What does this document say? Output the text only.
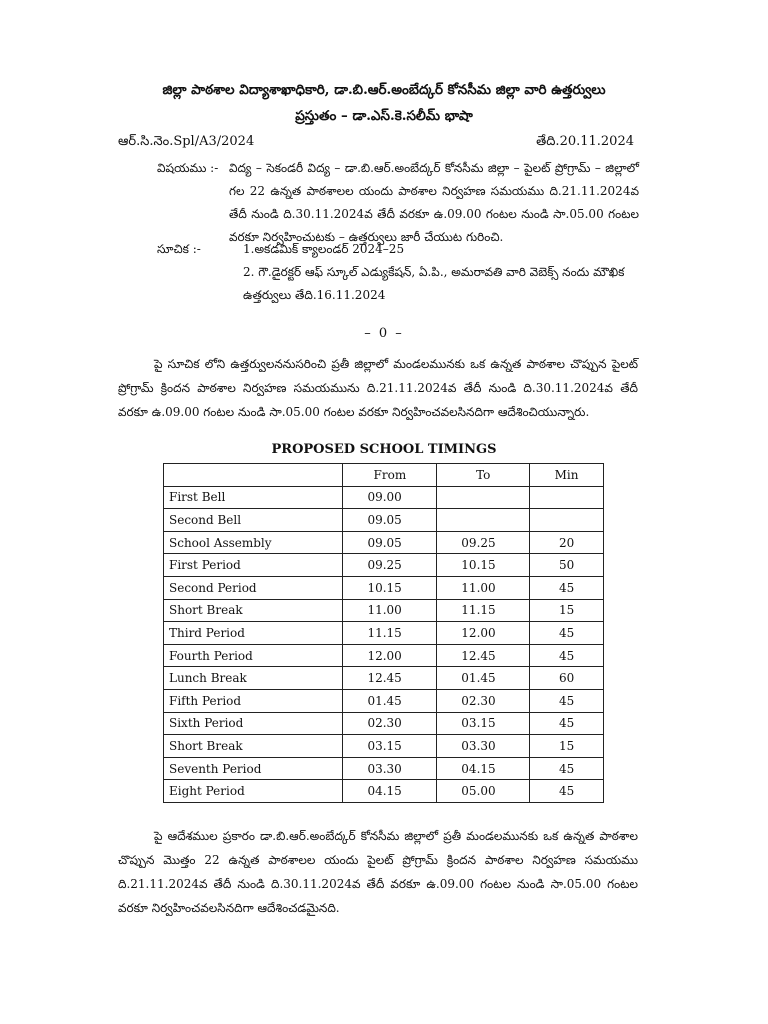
జిల్లా పాఠశాల విద్యాశాఖాధికారి, డా.బి.ఆర్.అంబేద్కర్ కోనసీమ జిల్లా వారి ఉత్తర్వులు
ప్రస్తుతం – డా.ఎస్.కె.సలీమ్ భాషా
ఆర్.సి.నెం.Spl/A3/2024	తేది.20.11.2024
విషయము :- విద్య – సెకండరీ విద్య – డా.బి.ఆర్.అంబేద్కర్ కోనసీమ జిల్లా – పైలట్ ప్రోగ్రామ్ – జిల్లాలో గల 22 ఉన్నత పాఠశాలల యందు పాఠశాల నిర్వహణ సమయము ది.21.11.2024వ తేదీ నుండి ది.30.11.2024వ తేదీ వరకూ ఉ.09.00 గంటల నుండి సా.05.00 గంటల వరకూ నిర్వహించుటకు – ఉత్తర్వులు జారీ చేయుట గురించి.
సూచిక :-	1.అకడమిక్ క్యాలండర్ 2024–25
2. గౌ.డైరక్టర్ ఆఫ్ స్కూల్ ఎడ్యుకేషన్, ఏ.పి., అమరావతి వారి వెబెక్స్ నందు మౌఖిక ఉత్తర్వులు తేది.16.11.2024
– 0 –
పై సూచిక లోని ఉత్తర్వులననుసరించి ప్రతీ జిల్లాలో మండలమునకు ఒక ఉన్నత పాఠశాల చొప్పున పైలట్ ప్రోగ్రామ్ క్రిందన పాఠశాల నిర్వహణ సమయమును ది.21.11.2024వ తేదీ నుండి ది.30.11.2024వ తేదీ వరకూ ఉ.09.00 గంటల నుండి సా.05.00 గంటల వరకూ నిర్వహించవలసినదిగా ఆదేశించియున్నారు.
PROPOSED SCHOOL TIMINGS
	From	To	Min
First Bell	09.00		
Second Bell	09.05		
School Assembly	09.05	09.25	20
First Period	09.25	10.15	50
Second Period	10.15	11.00	45
Short Break	11.00	11.15	15
Third Period	11.15	12.00	45
Fourth Period	12.00	12.45	45
Lunch Break	12.45	01.45	60
Fifth Period	01.45	02.30	45
Sixth Period	02.30	03.15	45
Short Break	03.15	03.30	15
Seventh Period	03.30	04.15	45
Eight Period	04.15	05.00	45
పై ఆదేశముల ప్రకారం డా.బి.ఆర్.అంబేద్కర్ కోనసీమ జిల్లాలో ప్రతీ మండలమునకు ఒక ఉన్నత పాఠశాల చొప్పున మొత్తం 22 ఉన్నత పాఠశాలల యందు పైలట్ ప్రోగ్రామ్ క్రిందన పాఠశాల నిర్వహణ సమయము ది.21.11.2024వ తేదీ నుండి ది.30.11.2024వ తేదీ వరకూ ఉ.09.00 గంటల నుండి సా.05.00 గంటల వరకూ నిర్వహించవలసినదిగా ఆదేశించడమైనది.
